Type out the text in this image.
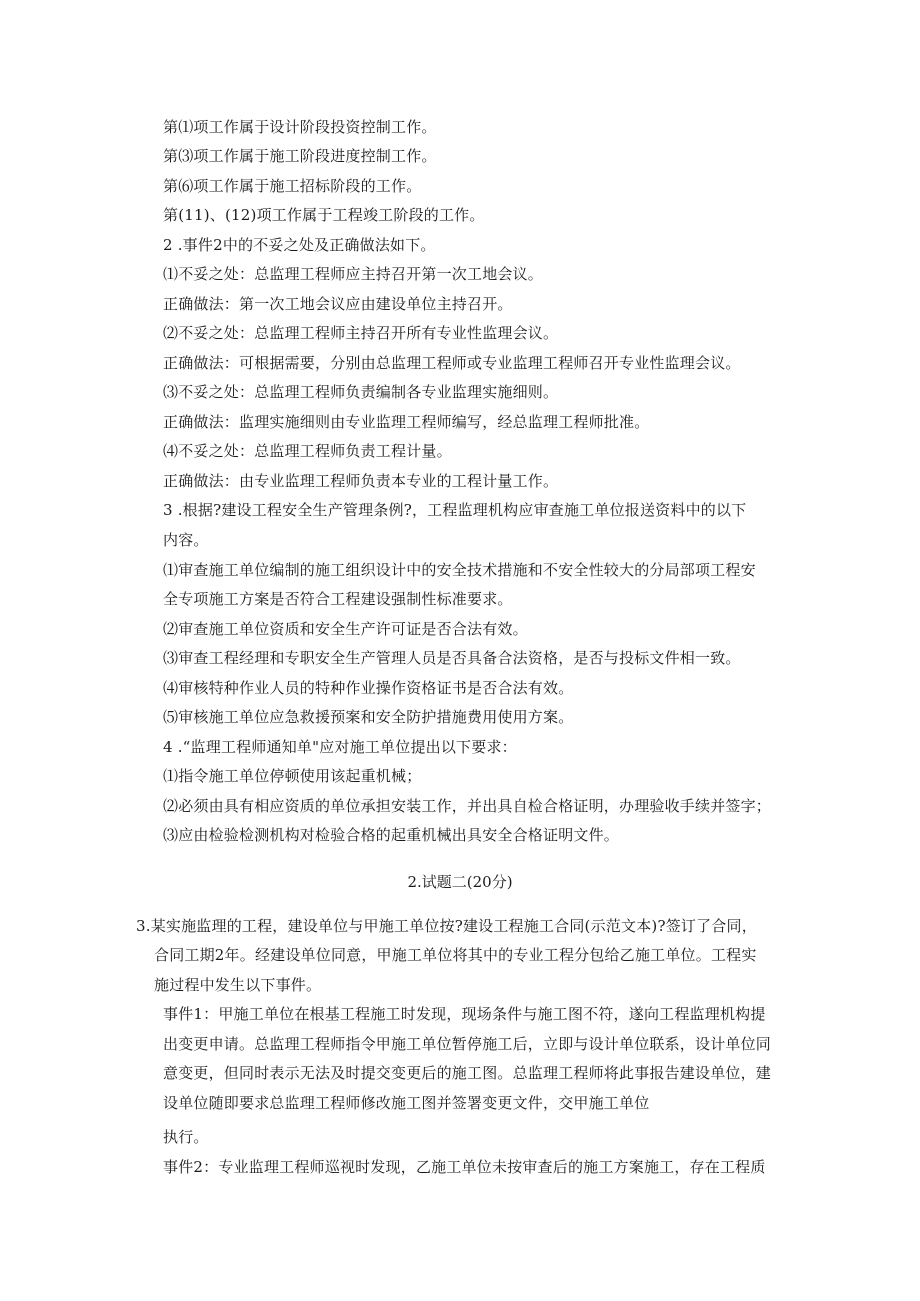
第⑴项工作属于设计阶段投资控制工作。
第⑶项工作属于施工阶段进度控制工作。
第⑹项工作属于施工招标阶段的工作。
第(11)、(12)项工作属于工程竣工阶段的工作。
2 .事件2中的不妥之处及正确做法如下。
⑴不妥之处：总监理工程师应主持召开第一次工地会议。
正确做法：第一次工地会议应由建设单位主持召开。
⑵不妥之处：总监理工程师主持召开所有专业性监理会议。
正确做法：可根据需要，分别由总监理工程师或专业监理工程师召开专业性监理会议。
⑶不妥之处：总监理工程师负责编制各专业监理实施细则。
正确做法：监理实施细则由专业监理工程师编写，经总监理工程师批准。
⑷不妥之处：总监理工程师负责工程计量。
正确做法：由专业监理工程师负责本专业的工程计量工作。
3 .根据?建设工程安全生产管理条例?，工程监理机构应审查施工单位报送资料中的以下
内容。
⑴审查施工单位编制的施工组织设计中的安全技术措施和不安全性较大的分局部项工程安
全专项施工方案是否符合工程建设强制性标准要求。
⑵审查施工单位资质和安全生产许可证是否合法有效。
⑶审查工程经理和专职安全生产管理人员是否具备合法资格，是否与投标文件相一致。
⑷审核特种作业人员的特种作业操作资格证书是否合法有效。
⑸审核施工单位应急救援预案和安全防护措施费用使用方案。
4 .“监理工程师通知单"应对施工单位提出以下要求：
⑴指令施工单位停顿使用该起重机械；
⑵必须由具有相应资质的单位承担安装工作，并出具自检合格证明，办理验收手续并签字；
⑶应由检验检测机构对检验合格的起重机械出具安全合格证明文件。
2.试题二(20分)
3.某实施监理的工程，建设单位与甲施工单位按?建设工程施工合同(示范文本)?签订了合同，
合同工期2年。经建设单位同意，甲施工单位将其中的专业工程分包给乙施工单位。工程实
施过程中发生以下事件。
事件1：甲施工单位在根基工程施工时发现，现场条件与施工图不符，遂向工程监理机构提
出变更申请。总监理工程师指令甲施工单位暂停施工后，立即与设计单位联系，设计单位同
意变更，但同时表示无法及时提交变更后的施工图。总监理工程师将此事报告建设单位，建
设单位随即要求总监理工程师修改施工图并签署变更文件，交甲施工单位
执行。
事件2：专业监理工程师巡视时发现，乙施工单位未按审查后的施工方案施工，存在工程质
